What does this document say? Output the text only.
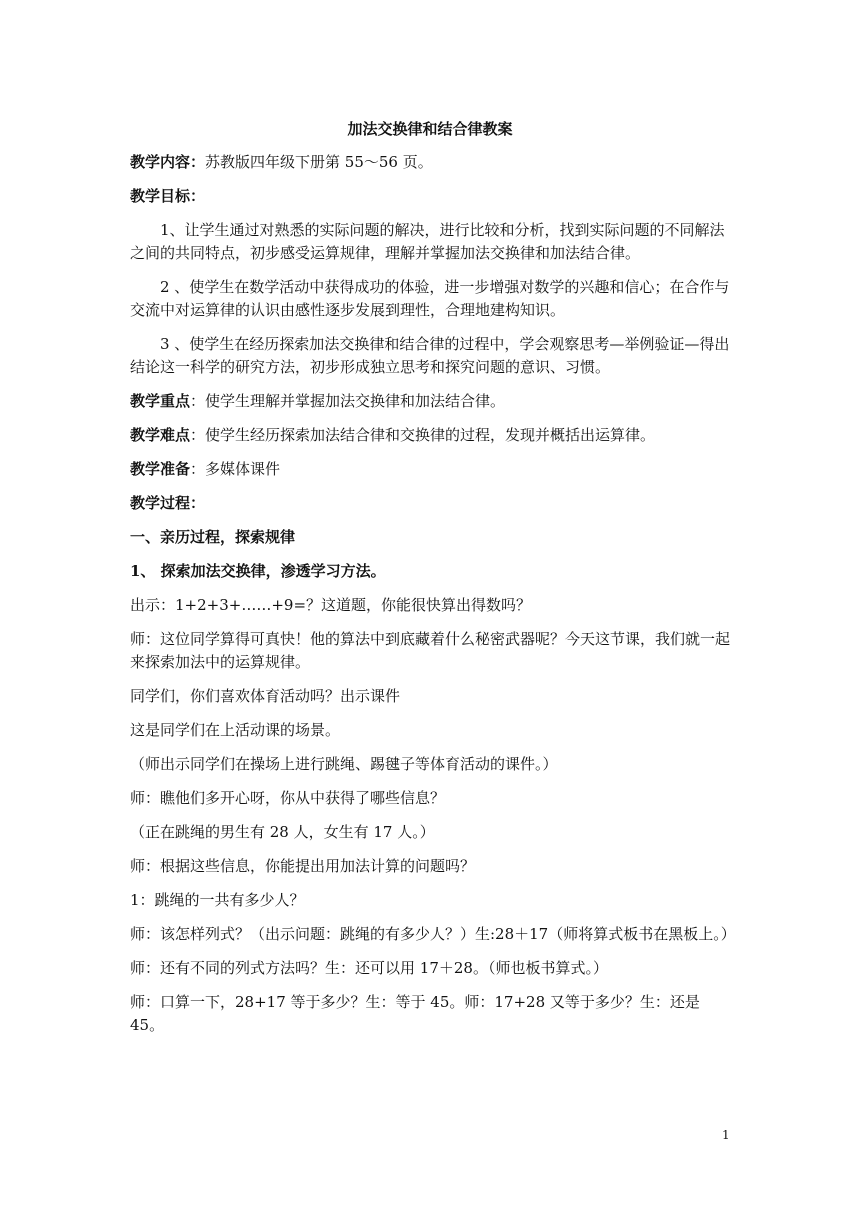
加法交换律和结合律教案

教学内容：苏教版四年级下册第 55～56 页。

教学目标：

1、让学生通过对熟悉的实际问题的解决，进行比较和分析，找到实际问题的不同解法之间的共同特点，初步感受运算规律，理解并掌握加法交换律和加法结合律。

2 、使学生在数学活动中获得成功的体验，进一步增强对数学的兴趣和信心；在合作与交流中对运算律的认识由感性逐步发展到理性，合理地建构知识。

3 、使学生在经历探索加法交换律和结合律的过程中，学会观察思考—举例验证—得出结论这一科学的研究方法，初步形成独立思考和探究问题的意识、习惯。

教学重点：使学生理解并掌握加法交换律和加法结合律。

教学难点：使学生经历探索加法结合律和交换律的过程，发现并概括出运算律。

教学准备：多媒体课件

教学过程：

一、亲历过程，探索规律

1、 探索加法交换律，渗透学习方法。

出示：1+2+3+……+9=？这道题，你能很快算出得数吗？

师：这位同学算得可真快！他的算法中到底藏着什么秘密武器呢？今天这节课，我们就一起来探索加法中的运算规律。

同学们，你们喜欢体育活动吗？出示课件

这是同学们在上活动课的场景。

（师出示同学们在操场上进行跳绳、踢毽子等体育活动的课件。）

师：瞧他们多开心呀，你从中获得了哪些信息？

（正在跳绳的男生有 28 人，女生有 17 人。）

师：根据这些信息，你能提出用加法计算的问题吗？

1：跳绳的一共有多少人？

师：该怎样列式？（出示问题：跳绳的有多少人？）生:28＋17（师将算式板书在黑板上。）

师：还有不同的列式方法吗？生：还可以用 17＋28。（师也板书算式。）

师：口算一下，28+17 等于多少？生：等于 45。师：17+28 又等于多少？生：还是 45。

1
